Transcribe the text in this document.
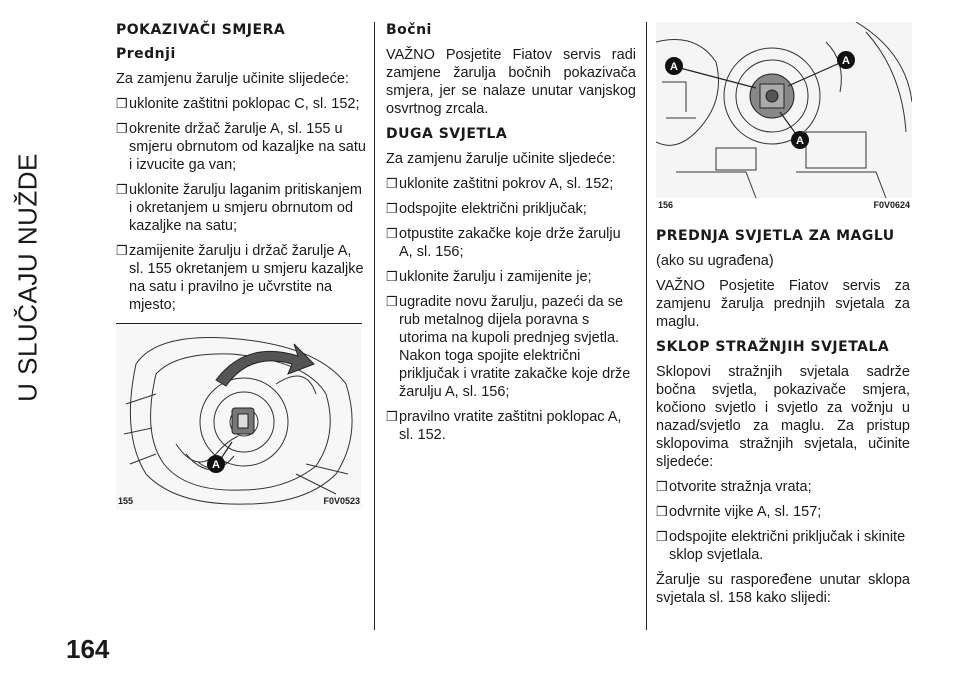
U SLUČAJU NUŽDE
164
POKAZIVAČI SMJERA
Prednji

Za zamjenu žarulje učinite slijedeće:

❒ uklonite zaštitni poklopac C, sl. 152;
❒ okrenite držač žarulje A, sl. 155 u smjeru obrnutom od kazaljke na satu i izvucite ga van;
❒ uklonite žarulju laganim pritiskanjem i okretanjem u smjeru obrnutom od kazaljke na satu;
❒ zamijenite žarulju i držač žarulje A, sl. 155 okretanjem u smjeru kazaljke na satu i pravilno je učvrstite na mjesto;
A
155	F0V0523
Bočni

VAŽNO Posjetite Fiatov servis radi zamjene žarulja bočnih pokazivača smjera, jer se nalaze unutar vanjskog osvrtnog zrcala.

DUGA SVJETLA

Za zamjenu žarulje učinite sljedeće:

❒ uklonite zaštitni pokrov A, sl. 152;
❒ odspojite električni priključak;
❒ otpustite zakačke koje drže žarulju A, sl. 156;
❒ uklonite žarulju i zamijenite je;
❒ ugradite novu žarulju, pazeći da se rub metalnog dijela poravna s utorima na kupoli prednjeg svjetla. Nakon toga spojite električni priključak i vratite zakačke koje drže žarulju A, sl. 156;
❒ pravilno vratite zaštitni poklopac A, sl. 152.
A	A
A
156	F0V0624
PREDNJA SVJETLA ZA MAGLU

(ako su ugrađena)

VAŽNO Posjetite Fiatov servis za zamjenu žarulja prednjih svjetala za maglu.

SKLOP STRAŽNJIH SVJETALA

Sklopovi stražnjih svjetala sadrže bočna svjetla, pokazivače smjera, kočiono svjetlo i svjetlo za vožnju u nazad/svjetlo za maglu. Za pristup sklopovima stražnjih svjetala, učinite sljedeće:

❒ otvorite stražnja vrata;
❒ odvrnite vijke A, sl. 157;
❒ odspojite električni priključak i skinite sklop svjetlala.

Žarulje su raspoređene unutar sklopa svjetala sl. 158 kako slijedi:
